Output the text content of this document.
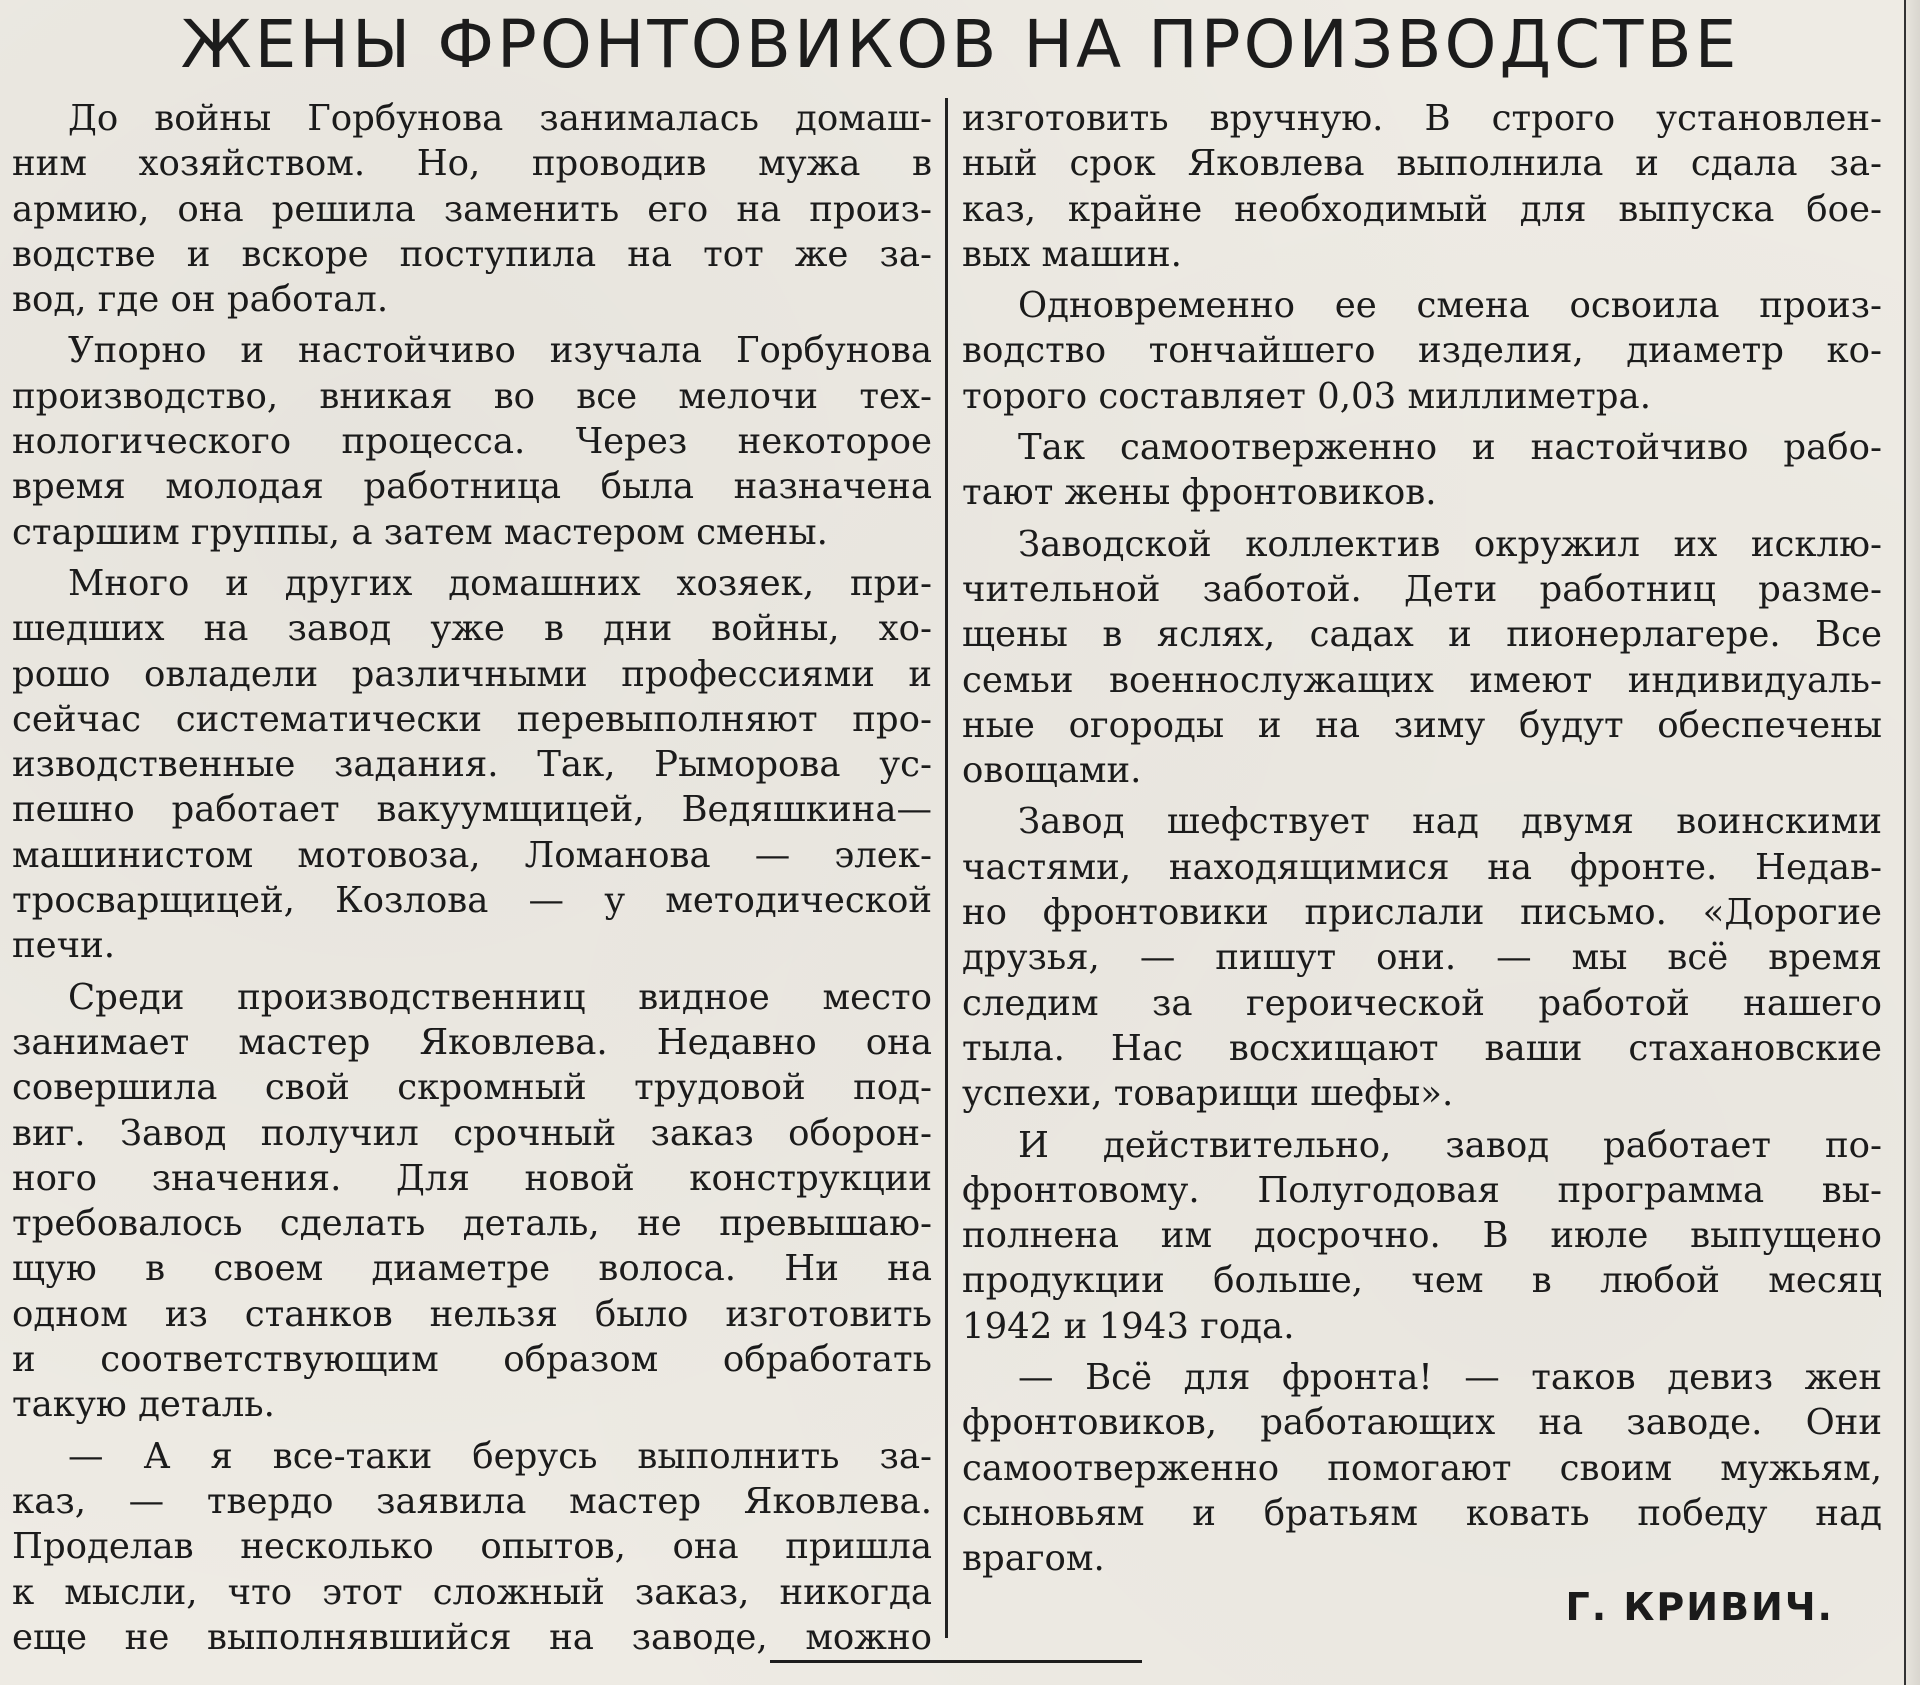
ЖЕНЫ ФРОНТОВИКОВ НА ПРОИЗВОДСТВЕ
До войны Горбунова занималась домаш-
ним хозяйством. Но, проводив мужа в
армию, она решила заменить его на произ-
водстве и вскоре поступила на тот же за-
вод, где он работал.
Упорно и настойчиво изучала Горбунова
производство, вникая во все мелочи тех-
нологического процесса. Через некоторое
время молодая работница была назначена
старшим группы, а затем мастером смены.
Много и других домашних хозяек, при-
шедших на завод уже в дни войны, хо-
рошо овладели различными профессиями и
сейчас систематически перевыполняют про-
изводственные задания. Так, Рыморова ус-
пешно работает вакуумщицей, Ведяшкина—
машинистом мотовоза, Ломанова — элек-
тросварщицей, Козлова — у методической
печи.
Среди производственниц видное место
занимает мастер Яковлева. Недавно она
совершила свой скромный трудовой под-
виг. Завод получил срочный заказ оборон-
ного значения. Для новой конструкции
требовалось сделать деталь, не превышаю-
щую в своем диаметре волоса. Ни на
одном из станков нельзя было изготовить
и соответствующим образом обработать
такую деталь.
— А я все-таки берусь выполнить за-
каз, — твердо заявила мастер Яковлева.
Проделав несколько опытов, она пришла
к мысли, что этот сложный заказ, никогда
еще не выполнявшийся на заводе, можно
изготовить вручную. В строго установлен-
ный срок Яковлева выполнила и сдала за-
каз, крайне необходимый для выпуска бое-
вых машин.
Одновременно ее смена освоила произ-
водство тончайшего изделия, диаметр ко-
торого составляет 0,03 миллиметра.
Так самоотверженно и настойчиво рабо-
тают жены фронтовиков.
Заводской коллектив окружил их исклю-
чительной заботой. Дети работниц разме-
щены в яслях, садах и пионерлагере. Все
семьи военнослужащих имеют индивидуаль-
ные огороды и на зиму будут обеспечены
овощами.
Завод шефствует над двумя воинскими
частями, находящимися на фронте. Недав-
но фронтовики прислали письмо. «Дорогие
друзья, — пишут они. — мы всё время
следим за героической работой нашего
тыла. Нас восхищают ваши стахановские
успехи, товарищи шефы».
И действительно, завод работает по-
фронтовому. Полугодовая программа вы-
полнена им досрочно. В июле выпущено
продукции больше, чем в любой месяц
1942 и 1943 года.
— Всё для фронта! — таков девиз жен
фронтовиков, работающих на заводе. Они
самоотверженно помогают своим мужьям,
сыновьям и братьям ковать победу над
врагом.
Г. КРИВИЧ.
